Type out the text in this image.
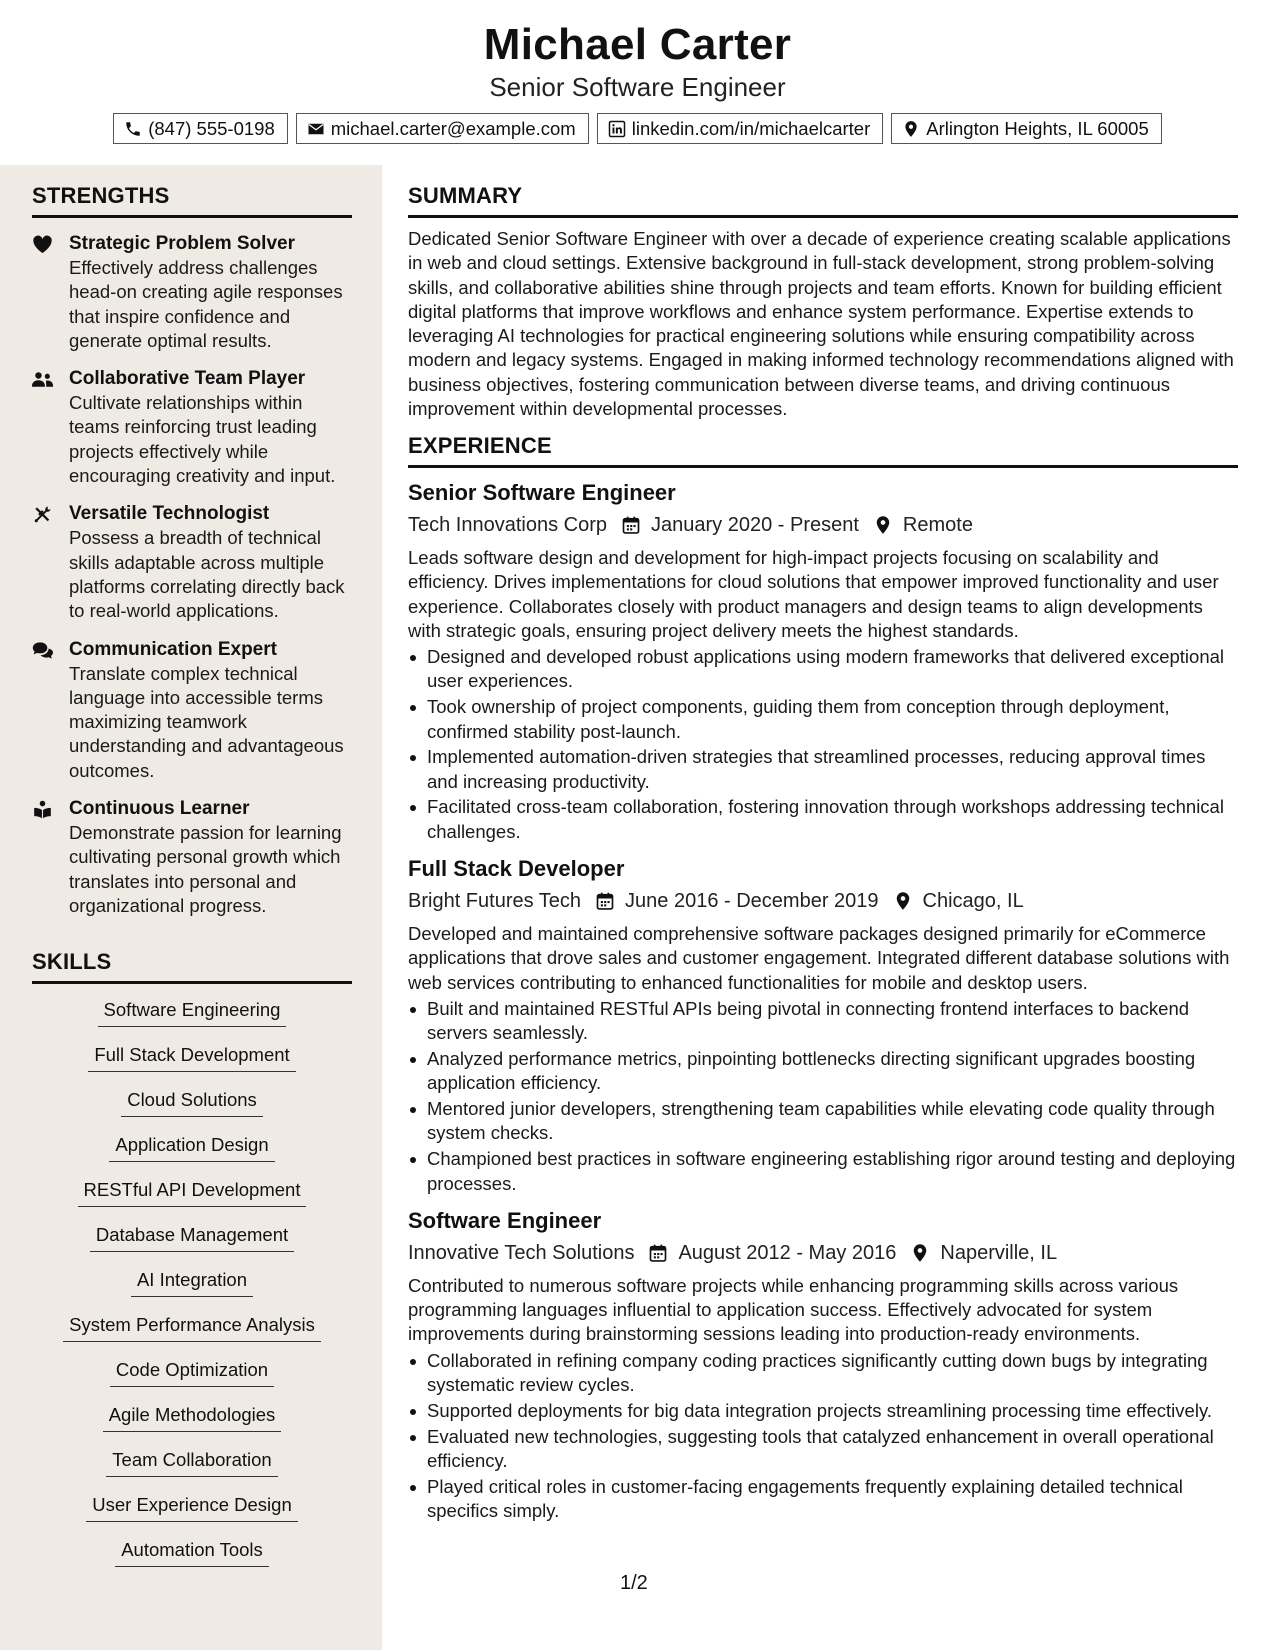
Michael Carter
Senior Software Engineer
(847) 555-0198	michael.carter@example.com	linkedin.com/in/michaelcarter	Arlington Heights, IL 60005
STRENGTHS
Strategic Problem Solver
Effectively address challenges head-on creating agile responses that inspire confidence and generate optimal results.
Collaborative Team Player
Cultivate relationships within teams reinforcing trust leading projects effectively while encouraging creativity and input.
Versatile Technologist
Possess a breadth of technical skills adaptable across multiple platforms correlating directly back to real-world applications.
Communication Expert
Translate complex technical language into accessible terms maximizing teamwork understanding and advantageous outcomes.
Continuous Learner
Demonstrate passion for learning cultivating personal growth which translates into personal and organizational progress.
SKILLS
Software Engineering
Full Stack Development
Cloud Solutions
Application Design
RESTful API Development
Database Management
AI Integration
System Performance Analysis
Code Optimization
Agile Methodologies
Team Collaboration
User Experience Design
Automation Tools
SUMMARY

Dedicated Senior Software Engineer with over a decade of experience creating scalable applications in web and cloud settings. Extensive background in full-stack development, strong problem-solving skills, and collaborative abilities shine through projects and team efforts. Known for building efficient digital platforms that improve workflows and enhance system performance. Expertise extends to leveraging AI technologies for practical engineering solutions while ensuring compatibility across modern and legacy systems. Engaged in making informed technology recommendations aligned with business objectives, fostering communication between diverse teams, and driving continuous improvement within developmental processes.

EXPERIENCE
Senior Software Engineer
Tech Innovations Corp January 2020 - Present Remote
Leads software design and development for high-impact projects focusing on scalability and efficiency. Drives implementations for cloud solutions that empower improved functionality and user experience. Collaborates closely with product managers and design teams to align developments with strategic goals, ensuring project delivery meets the highest standards.
Designed and developed robust applications using modern frameworks that delivered exceptional user experiences.
Took ownership of project components, guiding them from conception through deployment, confirmed stability post-launch.
Implemented automation-driven strategies that streamlined processes, reducing approval times and increasing productivity.
Facilitated cross-team collaboration, fostering innovation through workshops addressing technical challenges.
Full Stack Developer
Bright Futures Tech June 2016 - December 2019 Chicago, IL
Developed and maintained comprehensive software packages designed primarily for eCommerce applications that drove sales and customer engagement. Integrated different database solutions with web services contributing to enhanced functionalities for mobile and desktop users.
Built and maintained RESTful APIs being pivotal in connecting frontend interfaces to backend servers seamlessly.
Analyzed performance metrics, pinpointing bottlenecks directing significant upgrades boosting application efficiency.
Mentored junior developers, strengthening team capabilities while elevating code quality through system checks.
Championed best practices in software engineering establishing rigor around testing and deploying processes.
Software Engineer
Innovative Tech Solutions August 2012 - May 2016 Naperville, IL
Contributed to numerous software projects while enhancing programming skills across various programming languages influential to application success. Effectively advocated for system improvements during brainstorming sessions leading into production-ready environments.
Collaborated in refining company coding practices significantly cutting down bugs by integrating systematic review cycles.
Supported deployments for big data integration projects streamlining processing time effectively.
Evaluated new technologies, suggesting tools that catalyzed enhancement in overall operational efficiency.
Played critical roles in customer-facing engagements frequently explaining detailed technical specifics simply.
1/2
